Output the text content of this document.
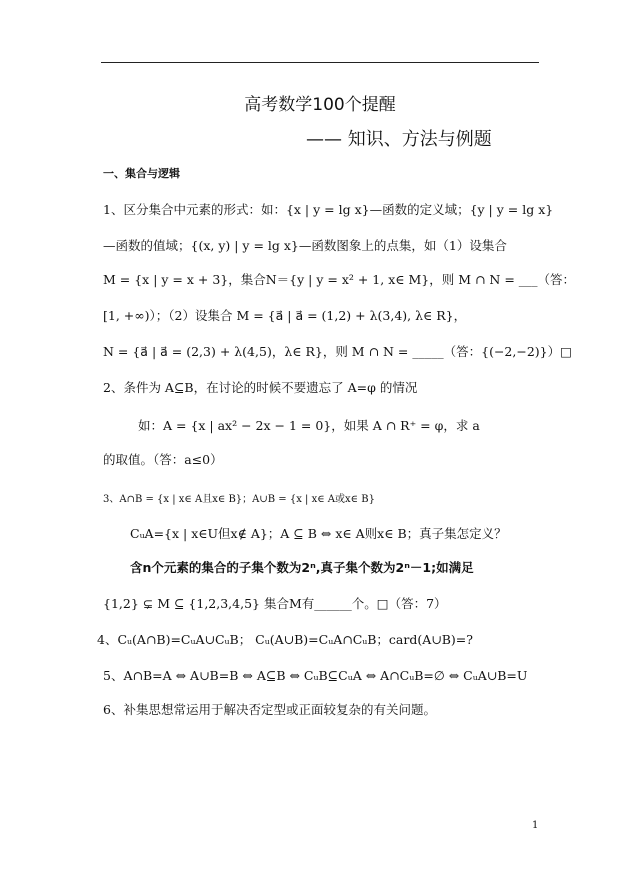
高考数学100个提醒
—— 知识、方法与例题
一、集合与逻辑
1、区分集合中元素的形式：如：{x | y = lg x}—函数的定义域；{y | y = lg x}
—函数的值域；{(x, y) | y = lg x}—函数图象上的点集，如（1）设集合
M = {x | y = x + 3}，集合N＝{y | y = x² + 1, x∈ M}，则 M ∩ N = ___（答：
[1, +∞)）；（2）设集合 M = {a⃗ | a⃗ = (1,2) + λ(3,4), λ∈ R}，
N = {a⃗ | a⃗ = (2,3) + λ(4,5)，λ∈ R}，则 M ∩ N = _____（答：{(−2,−2)}）□
2、条件为 A⊆B，在讨论的时候不要遗忘了 A=φ 的情况
如：A = {x | ax² − 2x − 1 = 0}，如果 A ∩ R⁺ = φ，求 a
的取值。（答：a≤0）
3、A∩B = {x | x∈ A且x∈ B}；A∪B = {x | x∈ A或x∈ B}
CᵤA={x | x∈U但x∉ A}；A ⊆ B ⇔ x∈ A则x∈ B；真子集怎定义？
含n个元素的集合的子集个数为2ⁿ,真子集个数为2ⁿ－1;如满足
{1,2} ⊊ M ⊆ {1,2,3,4,5} 集合M有______个。□（答：7）
4、Cᵤ(A∩B)=CᵤA∪CᵤB； Cᵤ(A∪B)=CᵤA∩CᵤB；card(A∪B)=?
5、A∩B=A ⇔ A∪B=B ⇔ A⊆B ⇔ CᵤB⊆CᵤA ⇔ A∩CᵤB=∅ ⇔ CᵤA∪B=U
6、补集思想常运用于解决否定型或正面较复杂的有关问题。
1
